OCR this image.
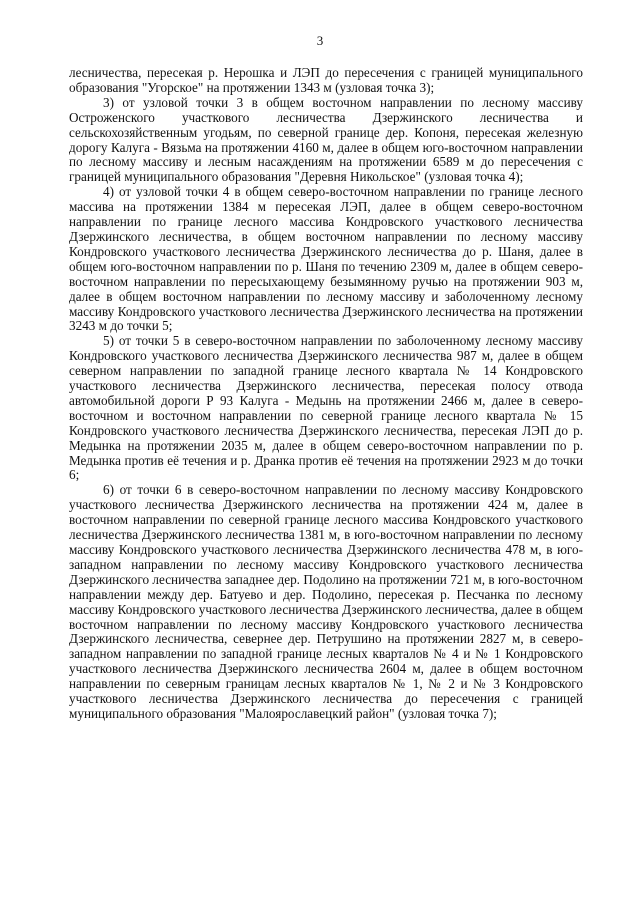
3

лесничества, пересекая р. Нерошка и ЛЭП до пересечения с границей муниципального образования "Угорское" на протяжении 1343 м (узловая точка 3);

3) от узловой точки 3 в общем восточном направлении по лесному массиву Остроженского участкового лесничества Дзержинского лесничества и сельскохозяйственным угодьям, по северной границе дер. Копоня, пересекая железную дорогу Калуга - Вязьма на протяжении 4160 м, далее в общем юго-восточном направлении по лесному массиву и лесным насаждениям на протяжении 6589 м до пересечения с границей муниципального образования "Деревня Никольское" (узловая точка 4);

4) от узловой точки 4 в общем северо-восточном направлении по границе лесного массива на протяжении 1384 м пересекая ЛЭП, далее в общем северо-восточном направлении по границе лесного массива Кондровского участкового лесничества Дзержинского лесничества, в общем восточном направлении по лесному массиву Кондровского участкового лесничества Дзержинского лесничества до р. Шаня, далее в общем юго-восточном направлении по р. Шаня по течению 2309 м, далее в общем северо-восточном направлении по пересыхающему безымянному ручью на протяжении 903 м, далее в общем восточном направлении по лесному массиву и заболоченному лесному массиву Кондровского участкового лесничества Дзержинского лесничества на протяжении 3243 м до точки 5;

5) от точки 5 в северо-восточном направлении по заболоченному лесному массиву Кондровского участкового лесничества Дзержинского лесничества 987 м, далее в общем северном направлении по западной границе лесного квартала № 14 Кондровского участкового лесничества Дзержинского лесничества, пересекая полосу отвода автомобильной дороги Р 93 Калуга - Медынь на протяжении 2466 м, далее в северо-восточном и восточном направлении по северной границе лесного квартала № 15 Кондровского участкового лесничества Дзержинского лесничества, пересекая ЛЭП до р. Медынка на протяжении 2035 м, далее в общем северо-восточном направлении по р. Медынка против её течения и р. Дранка против её течения на протяжении 2923 м до точки 6;

6) от точки 6 в северо-восточном направлении по лесному массиву Кондровского участкового лесничества Дзержинского лесничества на протяжении 424 м, далее в восточном направлении по северной границе лесного массива Кондровского участкового лесничества Дзержинского лесничества 1381 м, в юго-восточном направлении по лесному массиву Кондровского участкового лесничества Дзержинского лесничества 478 м, в юго-западном направлении по лесному массиву Кондровского участкового лесничества Дзержинского лесничества западнее дер. Подолино на протяжении 721 м, в юго-восточном направлении между дер. Батуево и дер. Подолино, пересекая р. Песчанка по лесному массиву Кондровского участкового лесничества Дзержинского лесничества, далее в общем восточном направлении по лесному массиву Кондровского участкового лесничества Дзержинского лесничества, севернее дер. Петрушино на протяжении 2827 м, в северо-западном направлении по западной границе лесных кварталов № 4 и № 1 Кондровского участкового лесничества Дзержинского лесничества 2604 м, далее в общем восточном направлении по северным границам лесных кварталов № 1, № 2 и № 3 Кондровского участкового лесничества Дзержинского лесничества до пересечения с границей муниципального образования "Малоярославецкий район" (узловая точка 7);
